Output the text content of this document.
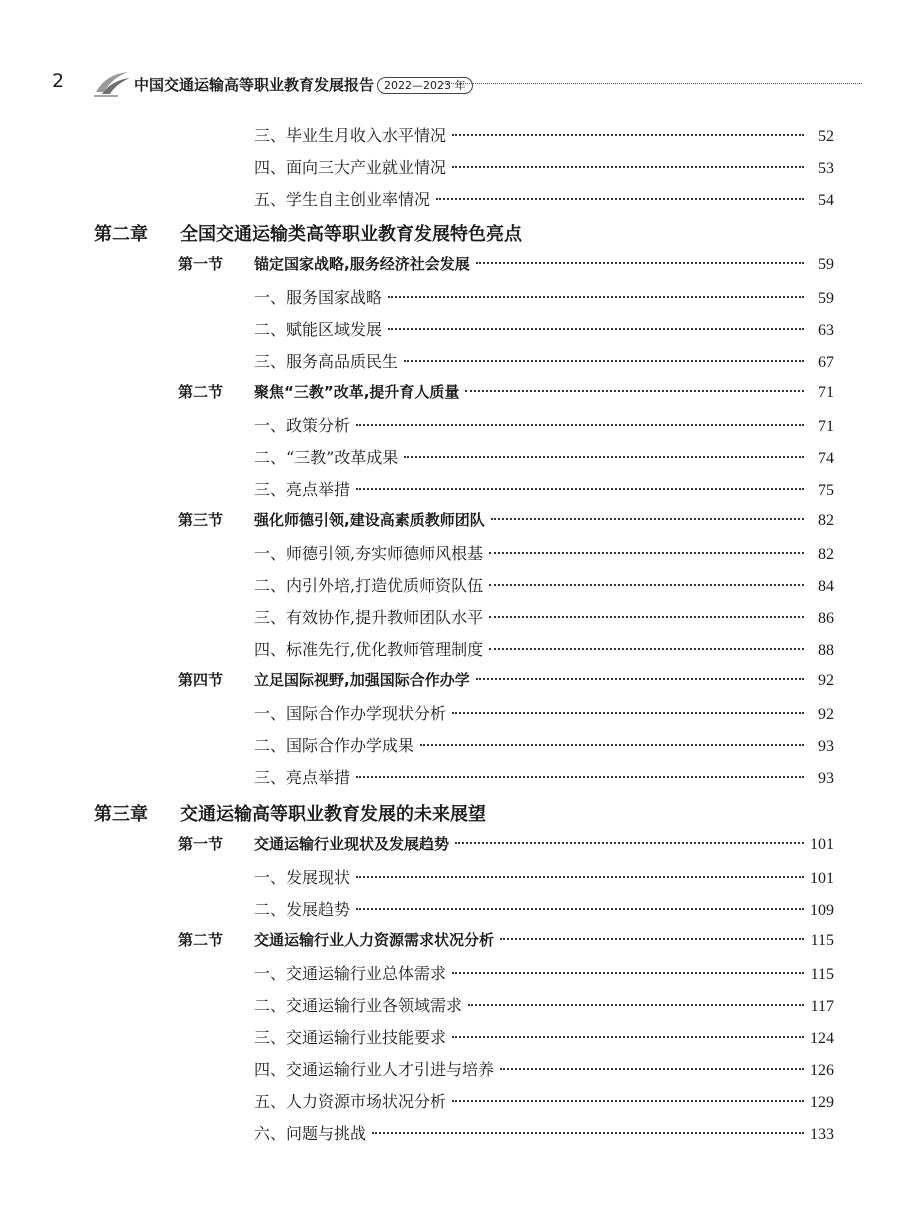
2	中国交通运输高等职业教育发展报告 2022—2023 年
三、毕业生月收入水平情况	52
四、面向三大产业就业情况	53
五、学生自主创业率情况	54
第二章 全国交通运输类高等职业教育发展特色亮点
第一节 锚定国家战略,服务经济社会发展	59
一、服务国家战略	59
二、赋能区域发展	63
三、服务高品质民生	67
第二节 聚焦“三教”改革,提升育人质量	71
一、政策分析	71
二、“三教”改革成果	74
三、亮点举措	75
第三节 强化师德引领,建设高素质教师团队	82
一、师德引领,夯实师德师风根基	82
二、内引外培,打造优质师资队伍	84
三、有效协作,提升教师团队水平	86
四、标准先行,优化教师管理制度	88
第四节 立足国际视野,加强国际合作办学	92
一、国际合作办学现状分析	92
二、国际合作办学成果	93
三、亮点举措	93
第三章 交通运输高等职业教育发展的未来展望
第一节 交通运输行业现状及发展趋势	101
一、发展现状	101
二、发展趋势	109
第二节 交通运输行业人力资源需求状况分析	115
一、交通运输行业总体需求	115
二、交通运输行业各领域需求	117
三、交通运输行业技能要求	124
四、交通运输行业人才引进与培养	126
五、人力资源市场状况分析	129
六、问题与挑战	133
